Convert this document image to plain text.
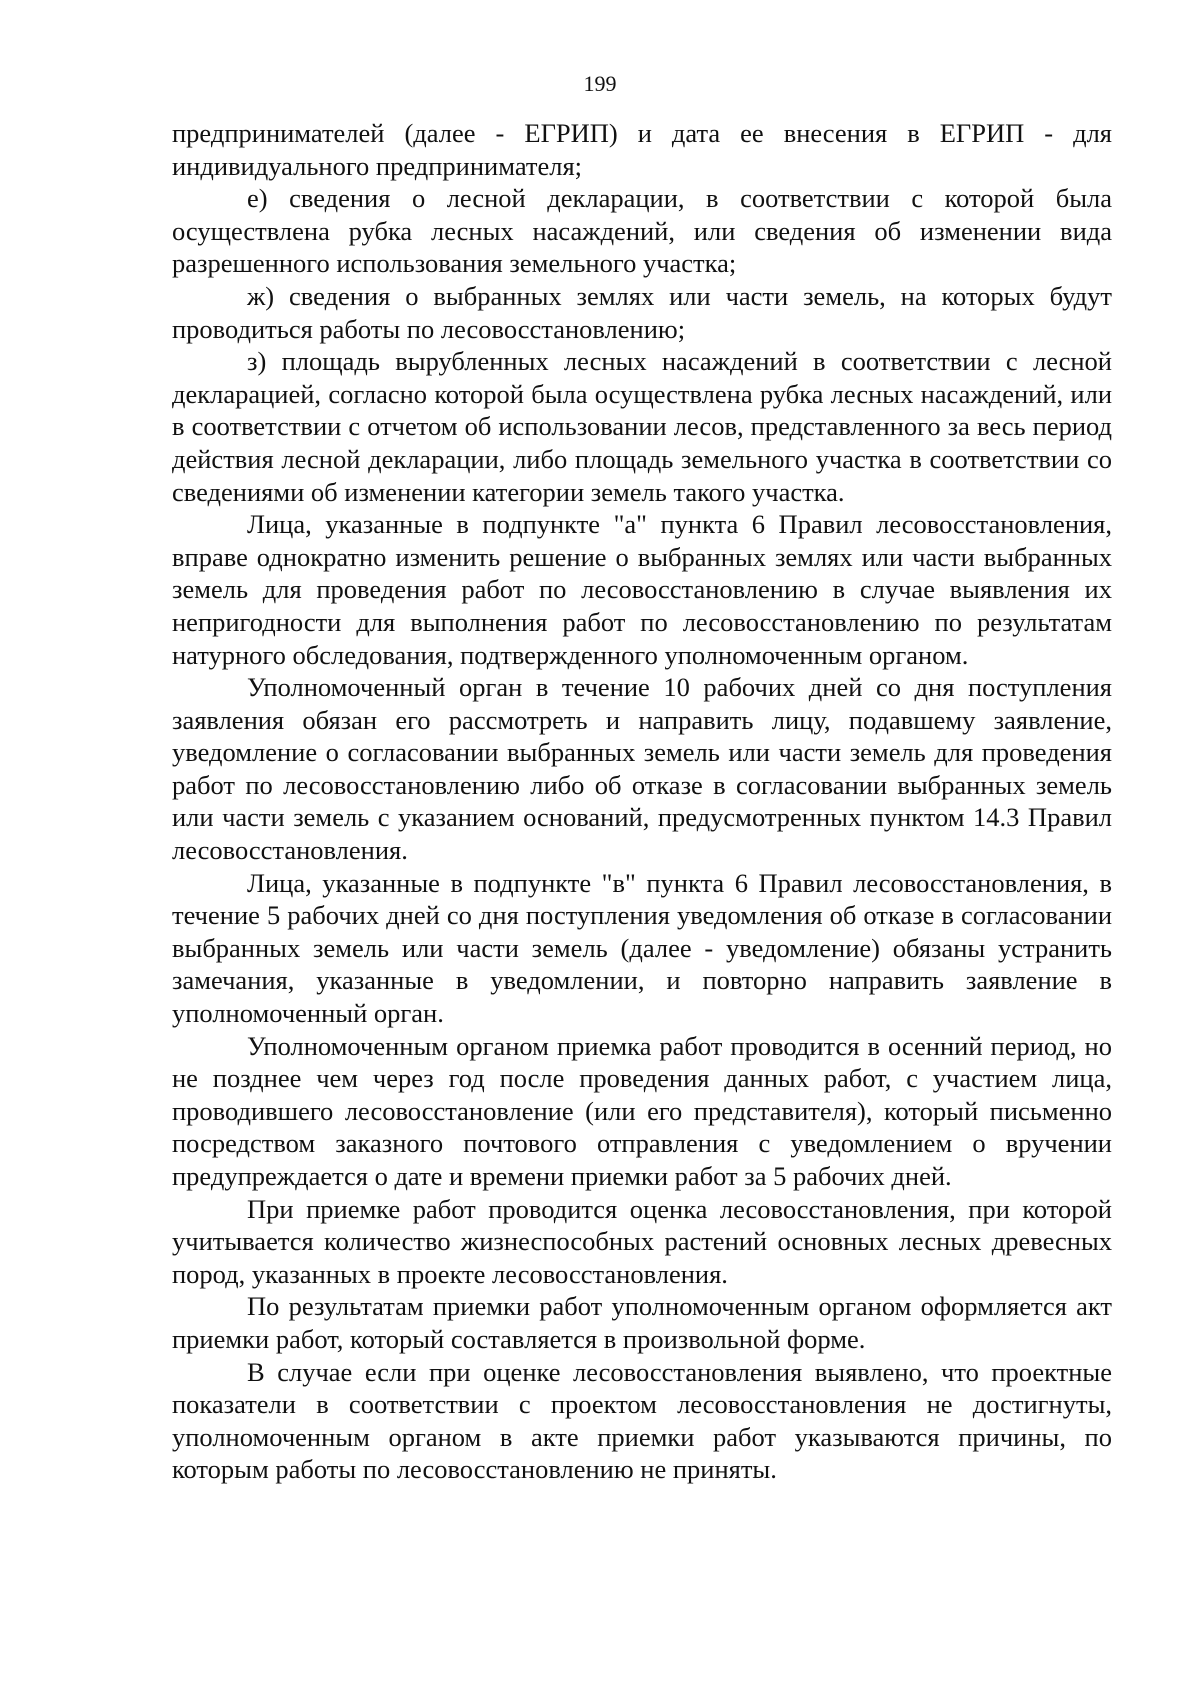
199

предпринимателей (далее - ЕГРИП) и дата ее внесения в ЕГРИП - для индивидуального предпринимателя;

е) сведения о лесной декларации, в соответствии с которой была осуществлена рубка лесных насаждений, или сведения об изменении вида разрешенного использования земельного участка;

ж) сведения о выбранных землях или части земель, на которых будут проводиться работы по лесовосстановлению;

з) площадь вырубленных лесных насаждений в соответствии с лесной декларацией, согласно которой была осуществлена рубка лесных насаждений, или в соответствии с отчетом об использовании лесов, представленного за весь период действия лесной декларации, либо площадь земельного участка в соответствии со сведениями об изменении категории земель такого участка.

Лица, указанные в подпункте "а" пункта 6 Правил лесовосстановления, вправе однократно изменить решение о выбранных землях или части выбранных земель для проведения работ по лесовосстановлению в случае выявления их непригодности для выполнения работ по лесовосстановлению по результатам натурного обследования, подтвержденного уполномоченным органом.

Уполномоченный орган в течение 10 рабочих дней со дня поступления заявления обязан его рассмотреть и направить лицу, подавшему заявление, уведомление о согласовании выбранных земель или части земель для проведения работ по лесовосстановлению либо об отказе в согласовании выбранных земель или части земель с указанием оснований, предусмотренных пунктом 14.3 Правил лесовосстановления.

Лица, указанные в подпункте "в" пункта 6 Правил лесовосстановления, в течение 5 рабочих дней со дня поступления уведомления об отказе в согласовании выбранных земель или части земель (далее - уведомление) обязаны устранить замечания, указанные в уведомлении, и повторно направить заявление в уполномоченный орган.

Уполномоченным органом приемка работ проводится в осенний период, но не позднее чем через год после проведения данных работ, с участием лица, проводившего лесовосстановление (или его представителя), который письменно посредством заказного почтового отправления с уведомлением о вручении предупреждается о дате и времени приемки работ за 5 рабочих дней.

При приемке работ проводится оценка лесовосстановления, при которой учитывается количество жизнеспособных растений основных лесных древесных пород, указанных в проекте лесовосстановления.

По результатам приемки работ уполномоченным органом оформляется акт приемки работ, который составляется в произвольной форме.

В случае если при оценке лесовосстановления выявлено, что проектные показатели в соответствии с проектом лесовосстановления не достигнуты, уполномоченным органом в акте приемки работ указываются причины, по которым работы по лесовосстановлению не приняты.
